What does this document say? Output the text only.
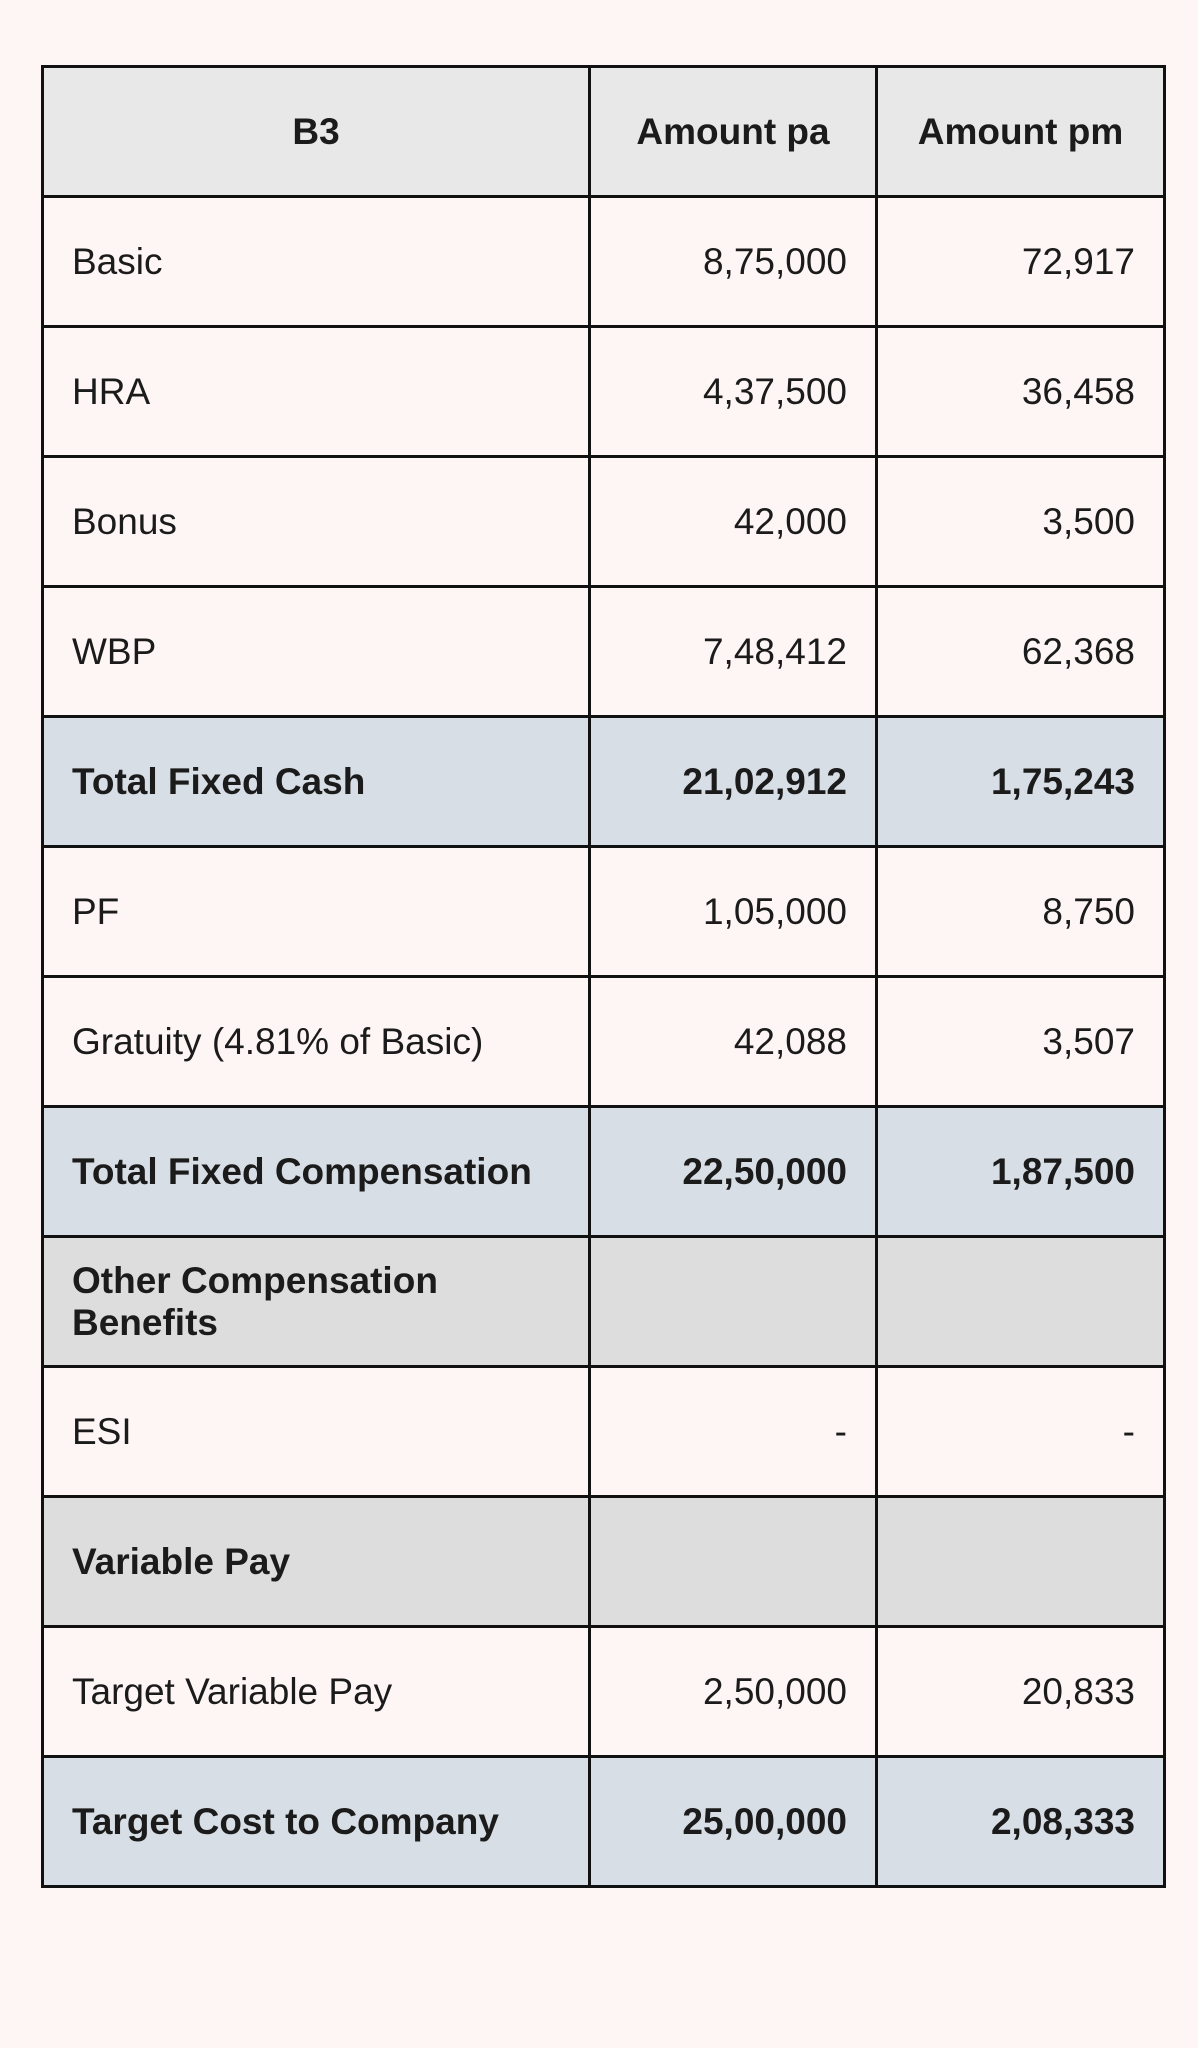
B3	Amount pa	Amount pm
Basic	8,75,000	72,917
HRA	4,37,500	36,458
Bonus	42,000	3,500
WBP	7,48,412	62,368
Total Fixed Cash	21,02,912	1,75,243
PF	1,05,000	8,750
Gratuity (4.81% of Basic)	42,088	3,507
Total Fixed Compensation	22,50,000	1,87,500
Other Compensation Benefits		
ESI	-	-
Variable Pay		
Target Variable Pay	2,50,000	20,833
Target Cost to Company	25,00,000	2,08,333
